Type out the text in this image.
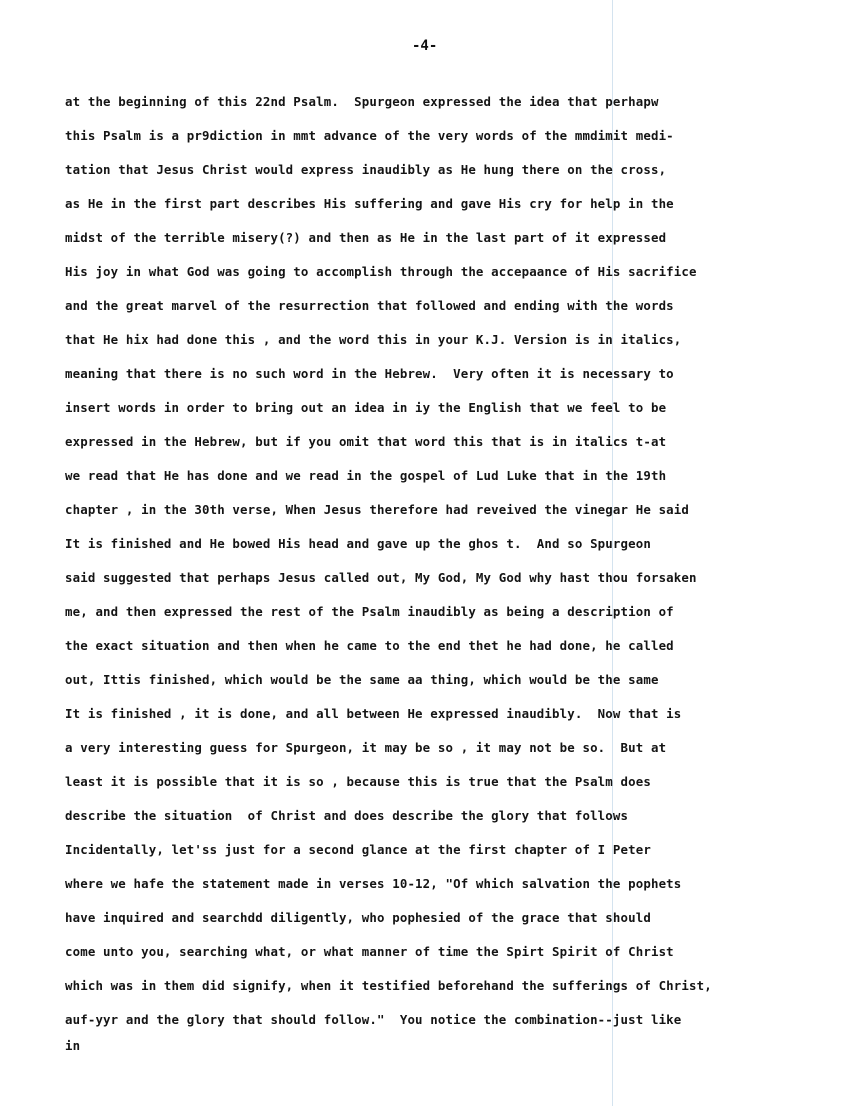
-4-
at the beginning of this 22nd Psalm.  Spurgeon expressed the idea that perhapw
this Psalm is a pr9diction in mmt advance of the very words of the mmdimit medi-
tation that Jesus Christ would express inaudibly as He hung there on the cross,
as He in the first part describes His suffering and gave His cry for help in the
midst of the terrible misery(?) and then as He in the last part of it expressed
His joy in what God was going to accomplish through the accepaance of His sacrifice
and the great marvel of the resurrection that followed and ending with the words
that He hix had done this , and the word this in your K.J. Version is in italics,
meaning that there is no such word in the Hebrew.  Very often it is necessary to
insert words in order to bring out an idea in iy the English that we feel to be
expressed in the Hebrew, but if you omit that word this that is in italics t-at
we read that He has done and we read in the gospel of Lud Luke that in the 19th
chapter , in the 30th verse, When Jesus therefore had reveived the vinegar He said
It is finished and He bowed His head and gave up the ghos t.  And so Spurgeon
said suggested that perhaps Jesus called out, My God, My God why hast thou forsaken
me, and then expressed the rest of the Psalm inaudibly as being a description of
the exact situation and then when he came to the end thet he had done, he called
out, Ittis finished, which would be the same aa thing, which would be the same
It is finished , it is done, and all between He expressed inaudibly.  Now that is
a very interesting guess for Spurgeon, it may be so , it may not be so.  But at
least it is possible that it is so , because this is true that the Psalm does
describe the situation  of Christ and does describe the glory that follows
Incidentally, let'ss just for a second glance at the first chapter of I Peter
where we hafe the statement made in verses 10-12, "Of which salvation the pophets
have inquired and searchdd diligently, who pophesied of the grace that should
come unto you, searching what, or what manner of time the Spirt Spirit of Christ
which was in them did signify, when it testified beforehand the sufferings of Christ,
auf-yyr and the glory that should follow."  You notice the combination--just like
in
